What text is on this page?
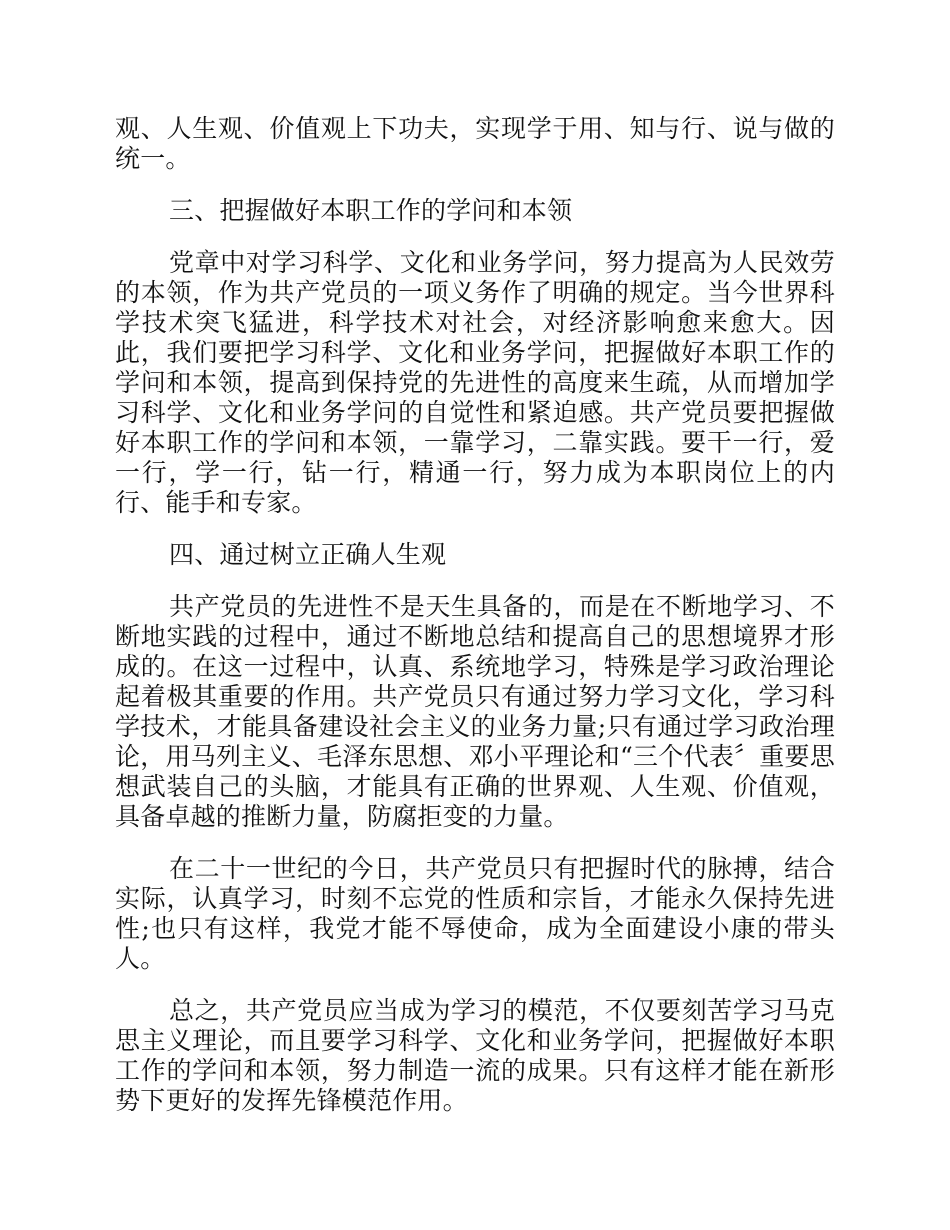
观、人生观、价值观上下功夫，实现学于用、知与行、说与做的统一。

三、把握做好本职工作的学问和本领

党章中对学习科学、文化和业务学问，努力提高为人民效劳的本领，作为共产党员的一项义务作了明确的规定。当今世界科学技术突飞猛进，科学技术对社会，对经济影响愈来愈大。因此，我们要把学习科学、文化和业务学问，把握做好本职工作的学问和本领，提高到保持党的先进性的高度来生疏，从而增加学习科学、文化和业务学问的自觉性和紧迫感。共产党员要把握做好本职工作的学问和本领，一靠学习，二靠实践。要干一行，爱一行，学一行，钻一行，精通一行，努力成为本职岗位上的内行、能手和专家。

四、通过树立正确人生观

共产党员的先进性不是天生具备的，而是在不断地学习、不断地实践的过程中，通过不断地总结和提高自己的思想境界才形成的。在这一过程中，认真、系统地学习，特殊是学习政治理论起着极其重要的作用。共产党员只有通过努力学习文化，学习科学技术，才能具备建设社会主义的业务力量;只有通过学习政治理论，用马列主义、毛泽东思想、邓小平理论和“三个代表〞重要思想武装自己的头脑，才能具有正确的世界观、人生观、价值观，具备卓越的推断力量，防腐拒变的力量。

在二十一世纪的今日，共产党员只有把握时代的脉搏，结合实际，认真学习，时刻不忘党的性质和宗旨，才能永久保持先进性;也只有这样，我党才能不辱使命，成为全面建设小康的带头人。

总之，共产党员应当成为学习的模范，不仅要刻苦学习马克思主义理论，而且要学习科学、文化和业务学问，把握做好本职工作的学问和本领，努力制造一流的成果。只有这样才能在新形势下更好的发挥先锋模范作用。
